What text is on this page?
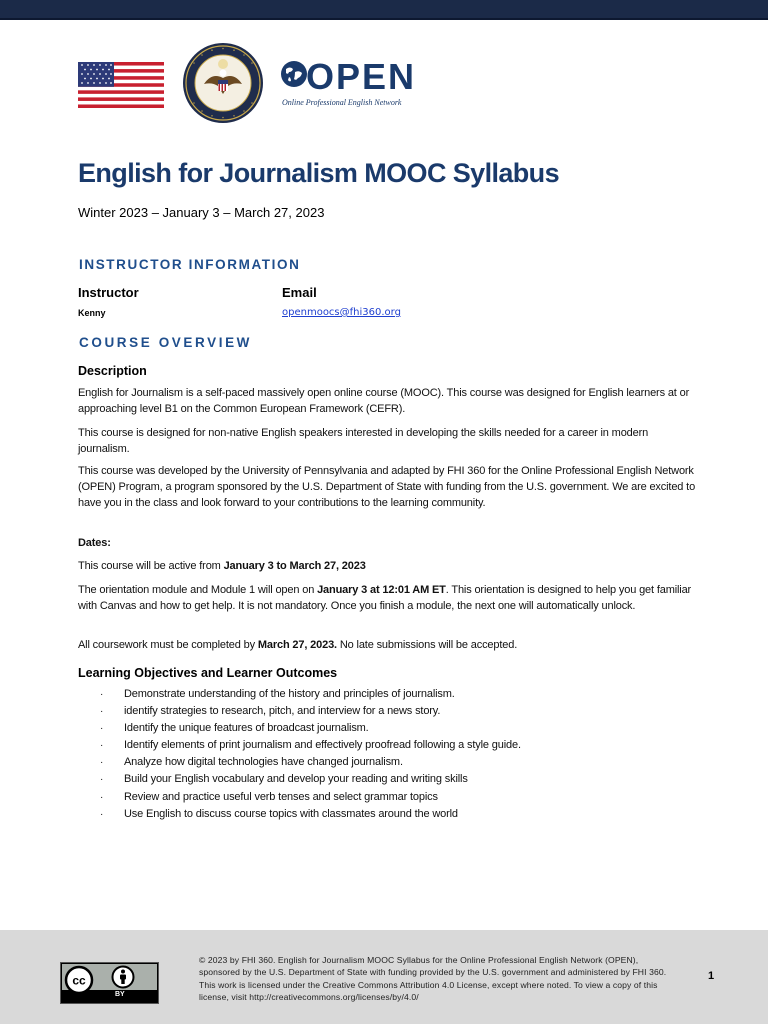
OPEN
Online Professional English Network
English for Journalism MOOC Syllabus
Winter 2023 – January 3 – March 27, 2023
INSTRUCTOR INFORMATION
Instructor	Email
Kenny	openmoocs@fhi360.org
COURSE OVERVIEW
Description

English for Journalism is a self-paced massively open online course (MOOC). This course was designed for English learners at or approaching level B1 on the Common European Framework (CEFR).

This course is designed for non-native English speakers interested in developing the skills needed for a career in modern journalism.

This course was developed by the University of Pennsylvania and adapted by FHI 360 for the Online Professional English Network (OPEN) Program, a program sponsored by the U.S. Department of State with funding from the U.S. government. We are excited to have you in the class and look forward to your contributions to the learning community.

Dates:

This course will be active from January 3 to March 27, 2023

The orientation module and Module 1 will open on January 3 at 12:01 AM ET. This orientation is designed to help you get familiar with Canvas and how to get help. It is not mandatory. Once you finish a module, the next one will automatically unlock.

All coursework must be completed by March 27, 2023. No late submissions will be accepted.

Learning Objectives and Learner Outcomes
· Demonstrate understanding of the history and principles of journalism.
· identify strategies to research, pitch, and interview for a news story.
· Identify the unique features of broadcast journalism.
· Identify elements of print journalism and effectively proofread following a style guide.
· Analyze how digital technologies have changed journalism.
· Build your English vocabulary and develop your reading and writing skills
· Review and practice useful verb tenses and select grammar topics
· Use English to discuss course topics with classmates around the world
cc
BY
© 2023 by FHI 360. English for Journalism MOOC Syllabus for the Online Professional English Network (OPEN), sponsored by the U.S. Department of State with funding provided by the U.S. government and administered by FHI 360. This work is licensed under the Creative Commons Attribution 4.0 License, except where noted. To view a copy of this license, visit http://creativecommons.org/licenses/by/4.0/
1
